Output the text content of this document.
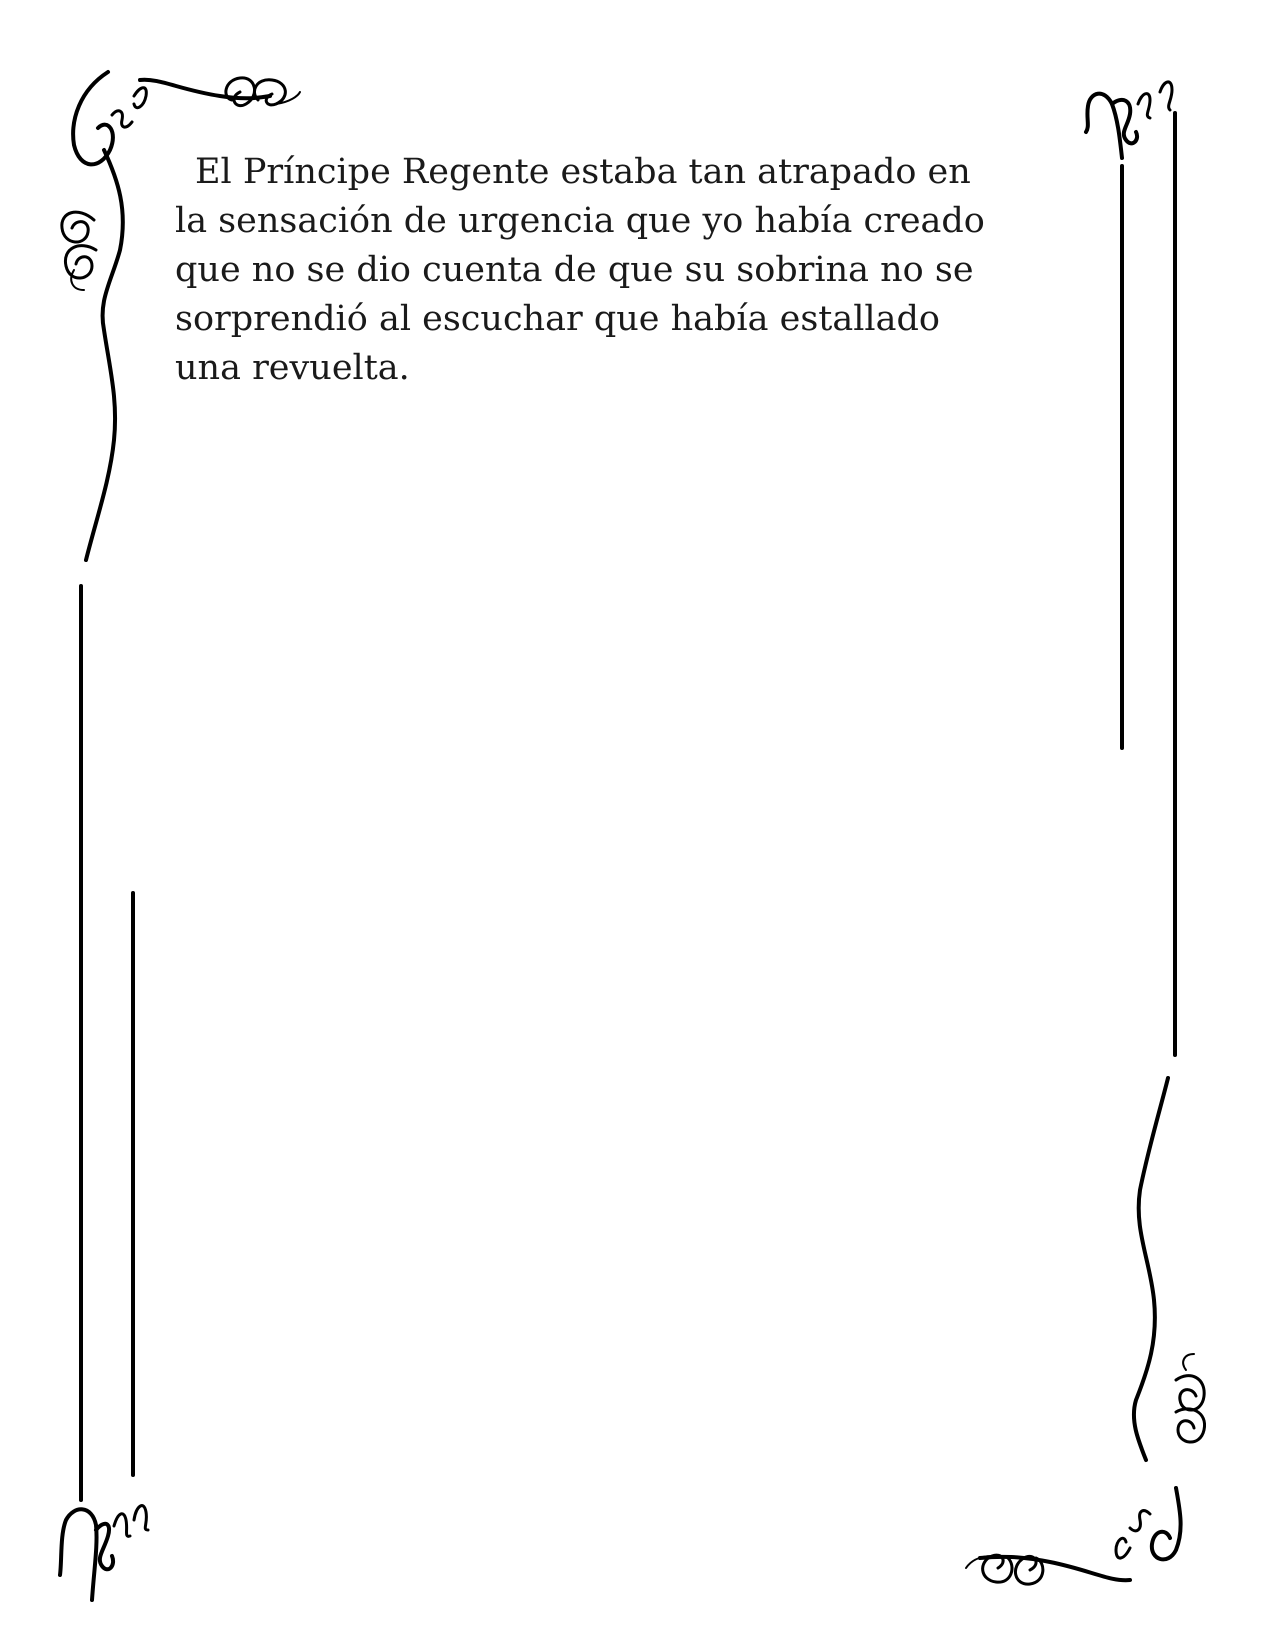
El Príncipe Regente estaba tan atrapado en
la sensación de urgencia que yo había creado
que no se dio cuenta de que su sobrina no se
sorprendió al escuchar que había estallado
una revuelta.
